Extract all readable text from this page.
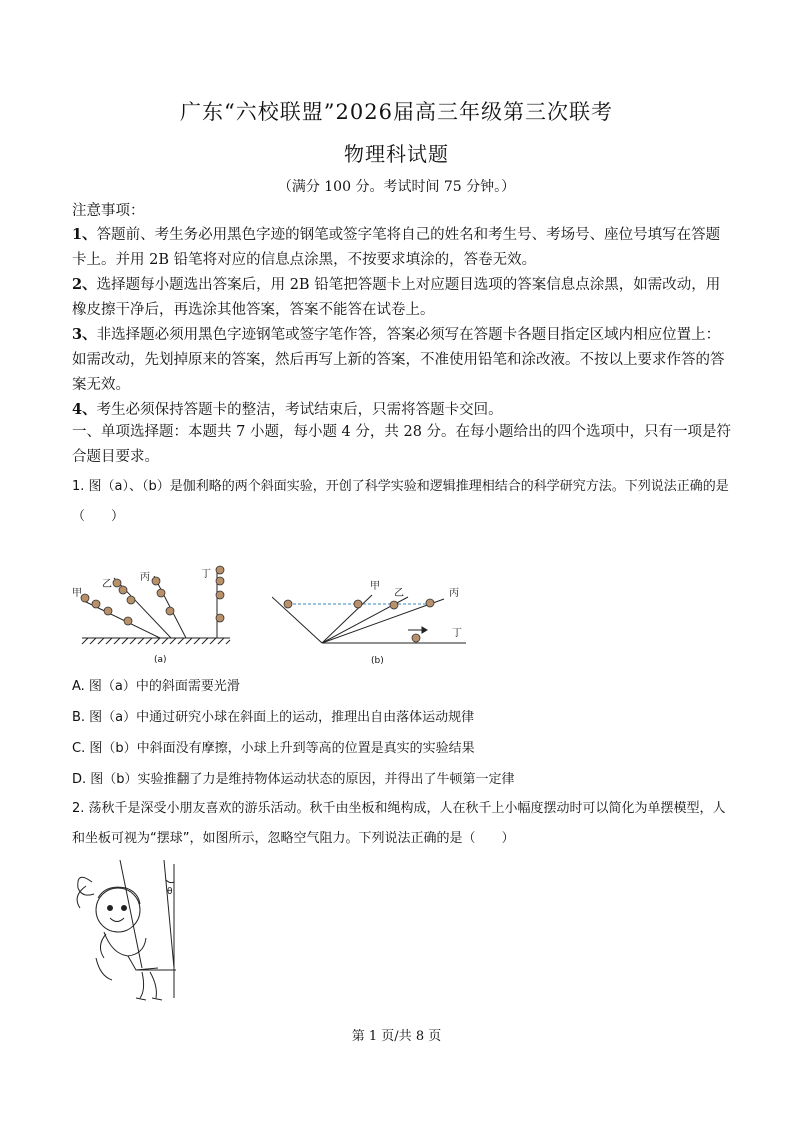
广东“六校联盟”2026届高三年级第三次联考
物理科试题
（满分 100 分。考试时间 75 分钟。）
注意事项：
1、答题前、考生务必用黑色字迹的钢笔或签字笔将自己的姓名和考生号、考场号、座位号填写在答题卡上。并用 2B 铅笔将对应的信息点涂黑，不按要求填涂的，答卷无效。
2、选择题每小题选出答案后，用 2B 铅笔把答题卡上对应题目选项的答案信息点涂黑，如需改动，用橡皮擦干净后，再选涂其他答案，答案不能答在试卷上。
3、非选择题必须用黑色字迹钢笔或签字笔作答，答案必须写在答题卡各题目指定区域内相应位置上：如需改动，先划掉原来的答案，然后再写上新的答案，不准使用铅笔和涂改液。不按以上要求作答的答案无效。
4、考生必须保持答题卡的整洁，考试结束后，只需将答题卡交回。
一、单项选择题：本题共 7 小题，每小题 4 分，共 28 分。在每小题给出的四个选项中，只有一项是符合题目要求。
1. 图（a）、（b）是伽利略的两个斜面实验，开创了科学实验和逻辑推理相结合的科学研究方法。下列说法正确的是（　　）
甲
乙
丙	丁
(a)
甲
乙	丙
丁
(b)
A. 图（a）中的斜面需要光滑
B. 图（a）中通过研究小球在斜面上的运动，推理出自由落体运动规律
C. 图（b）中斜面没有摩擦，小球上升到等高的位置是真实的实验结果
D. 图（b）实验推翻了力是维持物体运动状态的原因，并得出了牛顿第一定律
2. 荡秋千是深受小朋友喜欢的游乐活动。秋千由坐板和绳构成，人在秋千上小幅度摆动时可以简化为单摆模型，人和坐板可视为“摆球”，如图所示，忽略空气阻力。下列说法正确的是（　　）
θ
第 1 页/共 8 页
